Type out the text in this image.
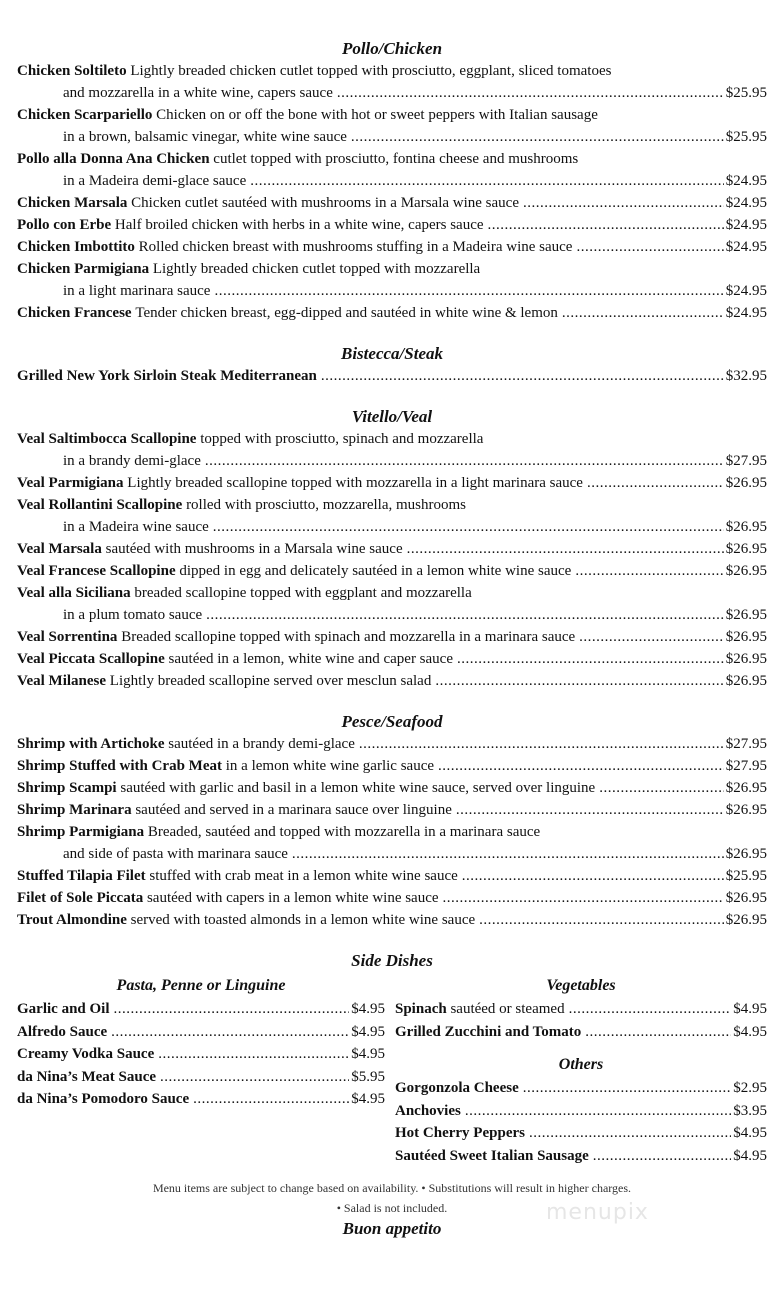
Pollo/Chicken
Chicken Soltileto
Lightly breaded chicken cutlet topped with prosciutto, eggplant, sliced tomatoes
and mozzarella in a white wine, capers sauce .....	$25.95
Chicken Scarpariello
Chicken on or off the bone with hot or sweet peppers with Italian sausage
in a brown, balsamic vinegar, white wine sauce .....	$25.95
Pollo alla Donna Ana Chicken
cutlet topped with prosciutto, fontina cheese and mushrooms
in a Madeira demi-glace sauce .....	$24.95
Chicken Marsala
Chicken cutlet sautéed with mushrooms in a Marsala wine sauce .....	$24.95
Pollo con Erbe
Half broiled chicken with herbs in a white wine, capers sauce .....	$24.95
Chicken Imbottito
Rolled chicken breast with mushrooms stuffing in a Madeira wine sauce .....	$24.95
Chicken Parmigiana
Lightly breaded chicken cutlet topped with mozzarella
in a light marinara sauce .....	$24.95
Chicken Francese
Tender chicken breast, egg-dipped and sautéed in white wine & lemon .....	$24.95
Bistecca/Steak
Grilled New York Sirloin Steak Mediterranean .....	$32.95
Vitello/Veal
Veal Saltimbocca Scallopine
topped with prosciutto, spinach and mozzarella
in a brandy demi-glace .....	$27.95
Veal Parmigiana
Lightly breaded scallopine topped with mozzarella in a light marinara sauce .....	$26.95
Veal Rollantini Scallopine
rolled with prosciutto, mozzarella, mushrooms
in a Madeira wine sauce .....	$26.95
Veal Marsala
sautéed with mushrooms in a Marsala wine sauce .....	$26.95
Veal Francese Scallopine
dipped in egg and delicately sautéed in a lemon white wine sauce .....	$26.95
Veal alla Siciliana
breaded scallopine topped with eggplant and mozzarella
in a plum tomato sauce .....	$26.95
Veal Sorrentina
Breaded scallopine topped with spinach and mozzarella in a marinara sauce .....	$26.95
Veal Piccata Scallopine
sautéed in a lemon, white wine and caper sauce .....	$26.95
Veal Milanese
Lightly breaded scallopine served over mesclun salad .....	$26.95
Pesce/Seafood
Shrimp with Artichoke
sautéed in a brandy demi-glace .....	$27.95
Shrimp Stuffed with Crab Meat
in a lemon white wine garlic sauce .....	$27.95
Shrimp Scampi
sautéed with garlic and basil in a lemon white wine sauce, served over linguine .....	$26.95
Shrimp Marinara
sautéed and served in a marinara sauce over linguine .....	$26.95
Shrimp Parmigiana
Breaded, sautéed and topped with mozzarella in a marinara sauce
and side of pasta with marinara sauce .....	$26.95
Stuffed Tilapia Filet
stuffed with crab meat in a lemon white wine sauce .....	$25.95
Filet of Sole Piccata
sautéed with capers in a lemon white wine sauce .....	$26.95
Trout Almondine
served with toasted almonds in a lemon white wine sauce .....	$26.95
Side Dishes
Pasta, Penne or Linguine
Garlic and Oil .....	$4.95
Alfredo Sauce .....	$4.95
Creamy Vodka Sauce .....	$4.95
da Nina’s Meat Sauce .....	$5.95
da Nina’s Pomodoro Sauce .....	$4.95
Vegetables
Spinach
sautéed or steamed .....	$4.95
Grilled Zucchini and Tomato .....	$4.95
Others
Gorgonzola Cheese .....	$2.95
Anchovies .....	$3.95
Hot Cherry Peppers .....	$4.95
Sautéed Sweet Italian Sausage .....	$4.95
Menu items are subject to change based on availability. • Substitutions will result in higher charges.
• Salad is not included.
Buon appetito
menupix
